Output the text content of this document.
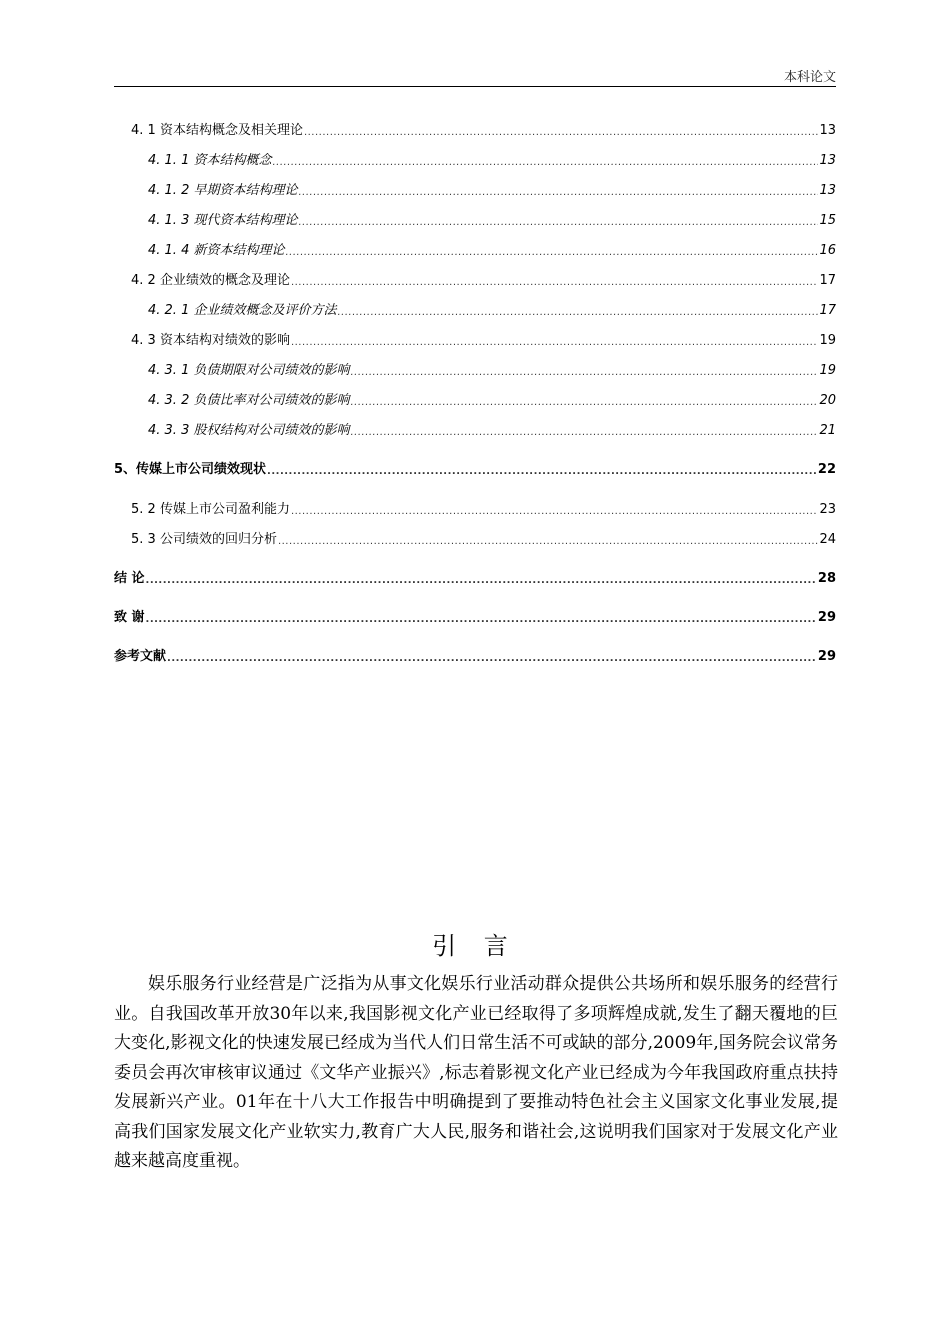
本科论文
4. 1 资本结构概念及相关理论 .....	13
4. 1. 1 资本结构概念 .....	13
4. 1. 2 早期资本结构理论 .....	13
4. 1. 3 现代资本结构理论 .....	15
4. 1. 4 新资本结构理论 .....	16
4. 2 企业绩效的概念及理论 .....	17
4. 2. 1 企业绩效概念及评价方法 .....	17
4. 3 资本结构对绩效的影响 .....	19
4. 3. 1 负债期限对公司绩效的影响 .....	19
4. 3. 2 负债比率对公司绩效的影响 .....	20
4. 3. 3 股权结构对公司绩效的影响 .....	21
5、传媒上市公司绩效现状 .....	22
5. 2 传媒上市公司盈利能力 .....	23
5. 3 公司绩效的回归分析 .....	24
结 论 .....	28
致 谢 .....	29
参考文献 .....	29
引 言

娱乐服务行业经营是广泛指为从事文化娱乐行业活动群众提供公共场所和娱乐服务的经营行业。自我国改革开放30年以来,我国影视文化产业已经取得了多项辉煌成就,发生了翻天覆地的巨大变化,影视文化的快速发展已经成为当代人们日常生活不可或缺的部分,2009年,国务院会议常务委员会再次审核审议通过《文华产业振兴》,标志着影视文化产业已经成为今年我国政府重点扶持发展新兴产业。01年在十八大工作报告中明确提到了要推动特色社会主义国家文化事业发展,提高我们国家发展文化产业软实力,教育广大人民,服务和谐社会,这说明我们国家对于发展文化产业越来越高度重视。
